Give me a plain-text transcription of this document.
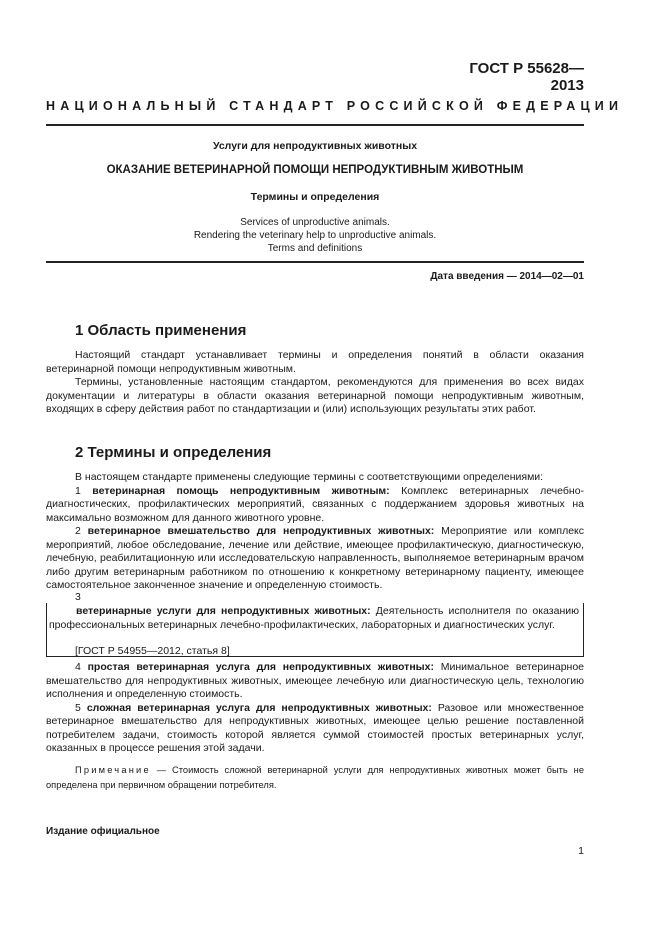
ГОСТ Р 55628—2013
НАЦИОНАЛЬНЫЙ СТАНДАРТ РОССИЙСКОЙ ФЕДЕРАЦИИ
Услуги для непродуктивных животных
ОКАЗАНИЕ ВЕТЕРИНАРНОЙ ПОМОЩИ НЕПРОДУКТИВНЫМ ЖИВОТНЫМ
Термины и определения
Services of unproductive animals.
Rendering the veterinary help to unproductive animals.
Terms and definitions
Дата введения — 2014—02—01
1 Область применения

Настоящий стандарт устанавливает термины и определения понятий в области оказания ветеринарной помощи непродуктивным животным.

Термины, установленные настоящим стандартом, рекомендуются для применения во всех видах документации и литературы в области оказания ветеринарной помощи непродуктивным животным, входящих в сферу действия работ по стандартизации и (или) использующих результаты этих работ.

2 Термины и определения

В настоящем стандарте применены следующие термины с соответствующими определениями:

1 ветеринарная помощь непродуктивным животным: Комплекс ветеринарных лечебно-диагностических, профилактических мероприятий, связанных с поддержанием здоровья животных на максимально возможном для данного животного уровне.

2 ветеринарное вмешательство для непродуктивных животных: Мероприятие или комплекс мероприятий, любое обследование, лечение или действие, имеющее профилактическую, диагностическую, лечебную, реабилитационную или исследовательскую направленность, выполняемое ветеринарным врачом либо другим ветеринарным работником по отношению к конкретному ветеринарному пациенту, имеющее самостоятельное законченное значение и определенную стоимость.

3

ветеринарные услуги для непродуктивных животных: Деятельность исполнителя по оказанию профессиональных ветеринарных лечебно-профилактических, лабораторных и диагностических услуг.

[ГОСТ Р 54955—2012, статья 8]

4 простая ветеринарная услуга для непродуктивных животных: Минимальное ветеринарное вмешательство для непродуктивных животных, имеющее лечебную или диагностическую цель, технологию исполнения и определенную стоимость.

5 сложная ветеринарная услуга для непродуктивных животных: Разовое или множественное ветеринарное вмешательство для непродуктивных животных, имеющее целью решение поставленной потребителем задачи, стоимость которой является суммой стоимостей простых ветеринарных услуг, оказанных в процессе решения этой задачи.

Примечание — Стоимость сложной ветеринарной услуги для непродуктивных животных может быть не определена при первичном обращении потребителя.

Издание официальное
1
